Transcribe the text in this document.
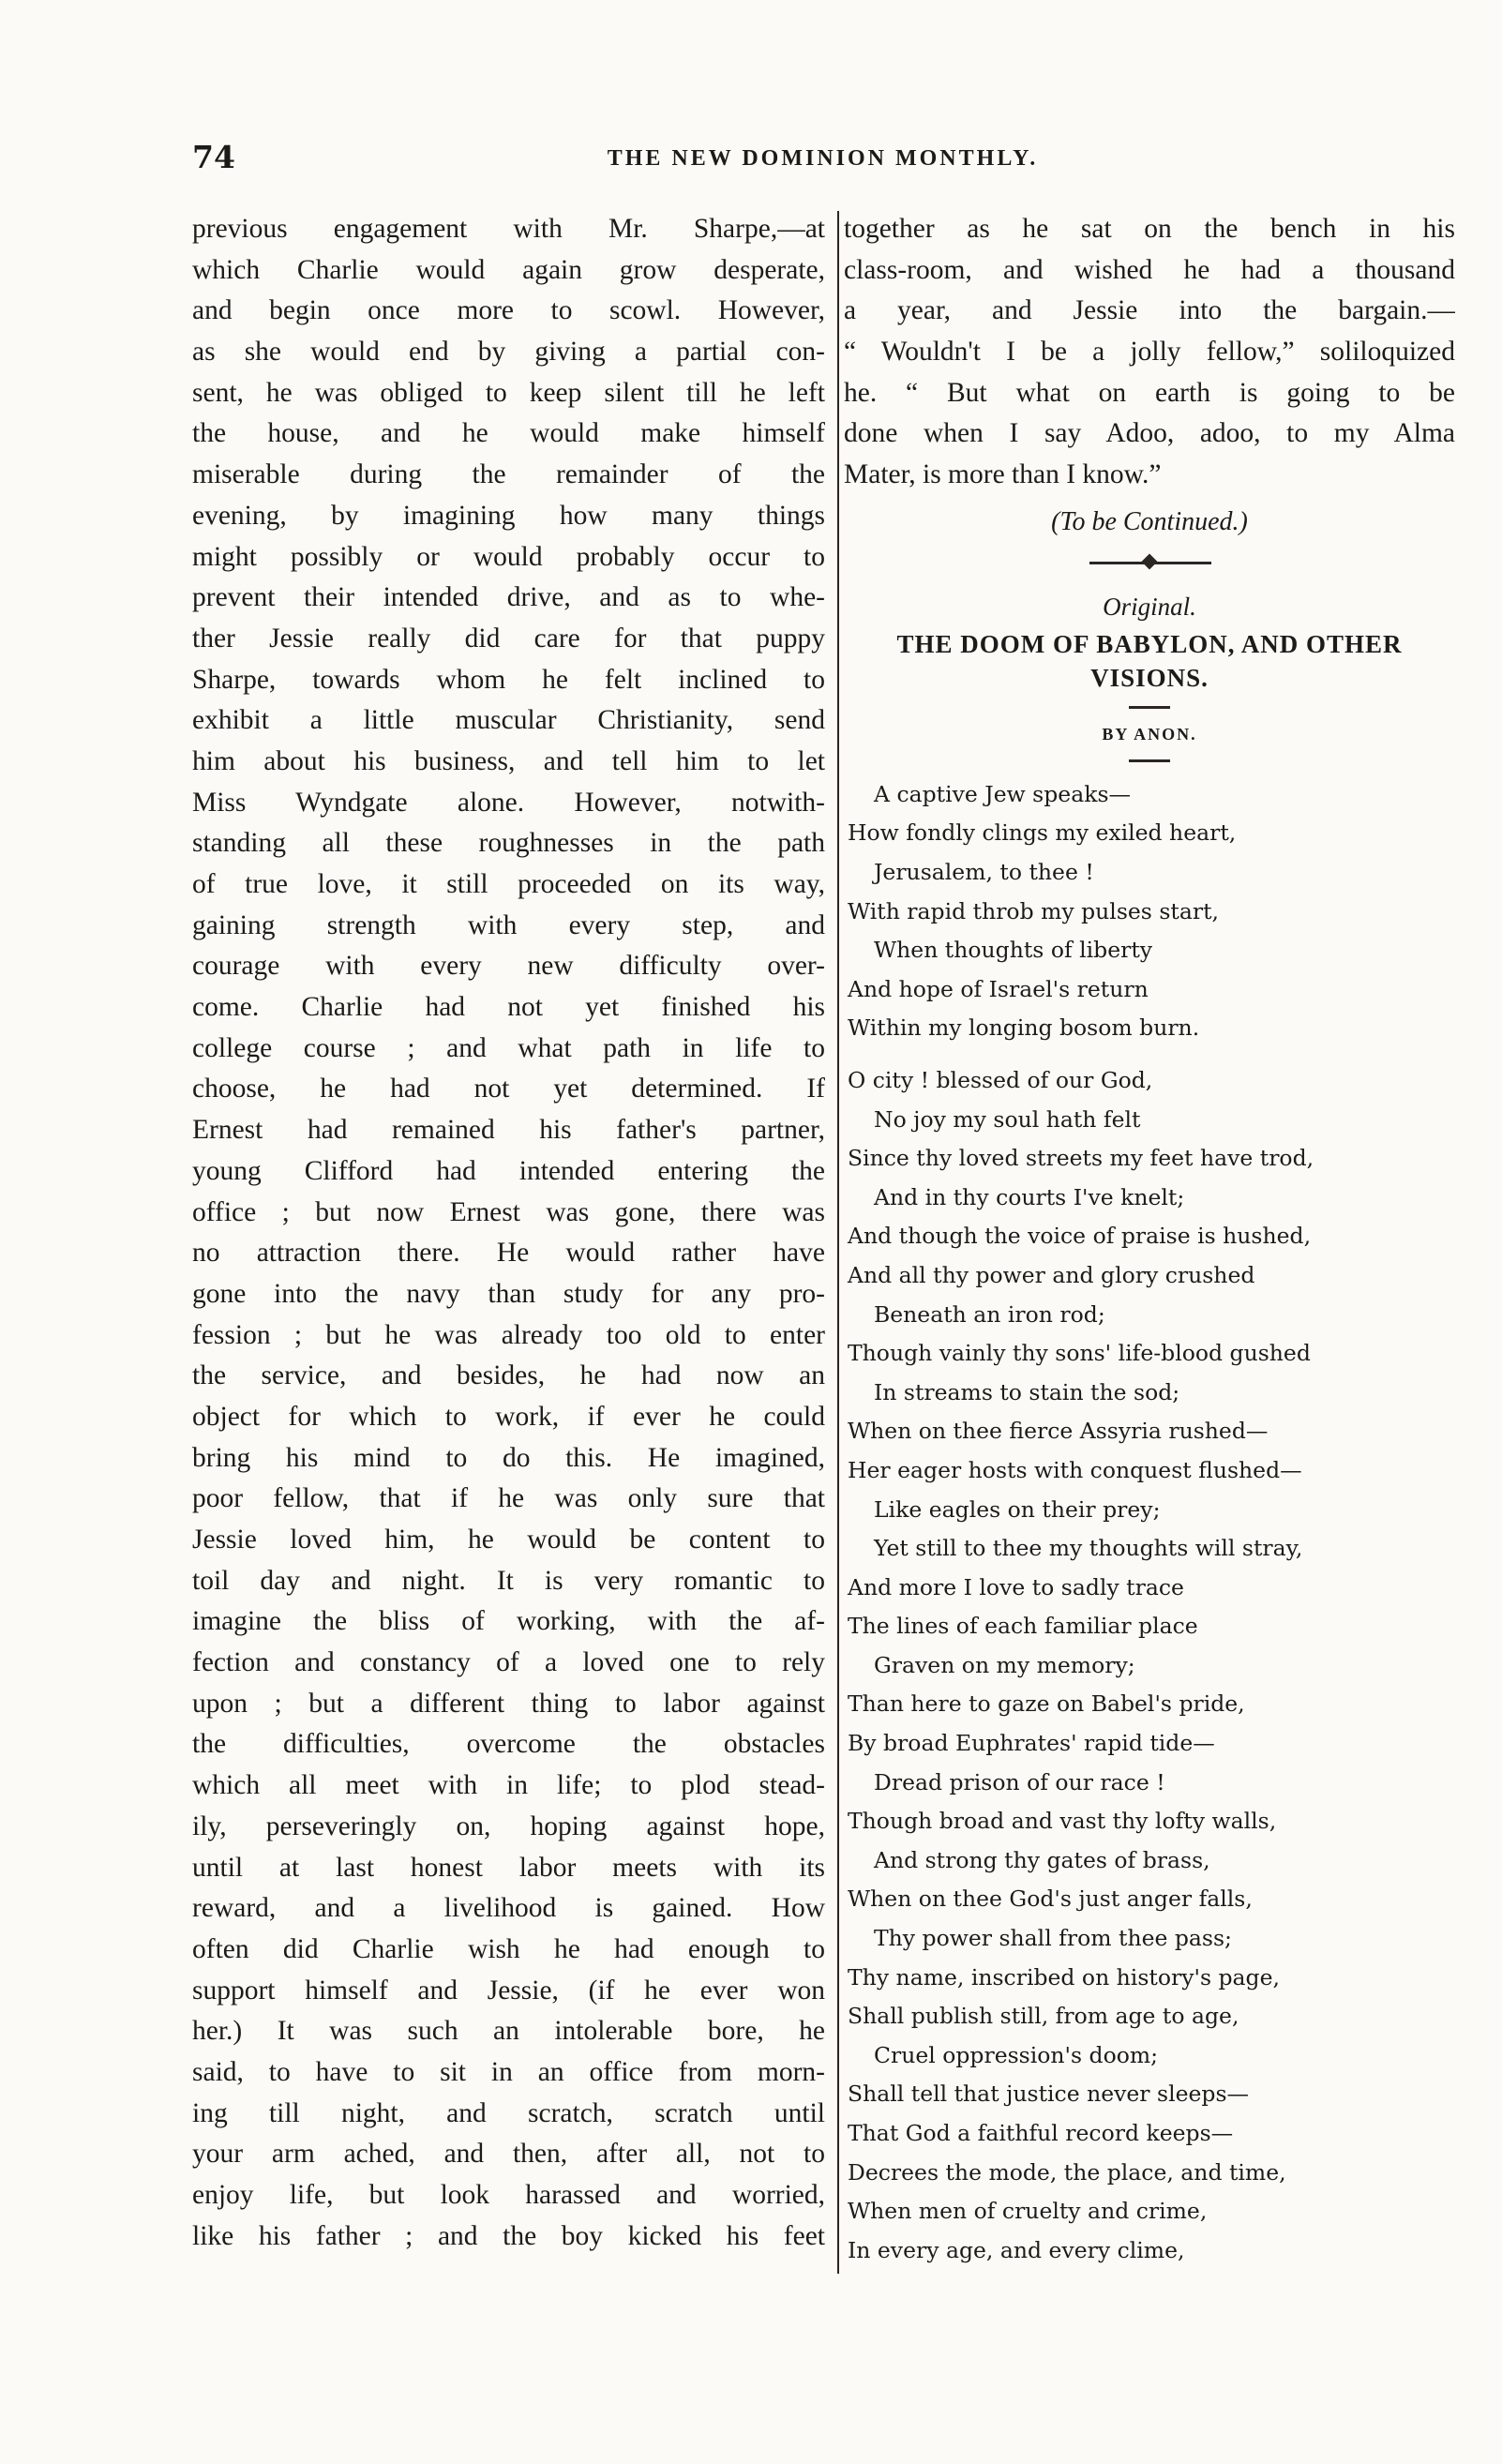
74	THE NEW DOMINION MONTHLY.
previous engagement with Mr. Sharpe,—at
which Charlie would again grow desperate,
and begin once more to scowl. However,
as she would end by giving a partial con-
sent, he was obliged to keep silent till he left
the house, and he would make himself
miserable during the remainder of the
evening, by imagining how many things
might possibly or would probably occur to
prevent their intended drive, and as to whe-
ther Jessie really did care for that puppy
Sharpe, towards whom he felt inclined to
exhibit a little muscular Christianity, send
him about his business, and tell him to let
Miss Wyndgate alone. However, notwith-
standing all these roughnesses in the path
of true love, it still proceeded on its way,
gaining strength with every step, and
courage with every new difficulty over-
come. Charlie had not yet finished his
college course ; and what path in life to
choose, he had not yet determined. If
Ernest had remained his father's partner,
young Clifford had intended entering the
office ; but now Ernest was gone, there was
no attraction there. He would rather have
gone into the navy than study for any pro-
fession ; but he was already too old to enter
the service, and besides, he had now an
object for which to work, if ever he could
bring his mind to do this. He imagined,
poor fellow, that if he was only sure that
Jessie loved him, he would be content to
toil day and night. It is very romantic to
imagine the bliss of working, with the af-
fection and constancy of a loved one to rely
upon ; but a different thing to labor against
the difficulties, overcome the obstacles
which all meet with in life; to plod stead-
ily, perseveringly on, hoping against hope,
until at last honest labor meets with its
reward, and a livelihood is gained. How
often did Charlie wish he had enough to
support himself and Jessie, (if he ever won
her.) It was such an intolerable bore, he
said, to have to sit in an office from morn-
ing till night, and scratch, scratch until
your arm ached, and then, after all, not to
enjoy life, but look harassed and worried,
like his father ; and the boy kicked his feet
together as he sat on the bench in his
class-room, and wished he had a thousand
a year, and Jessie into the bargain.—
“ Wouldn't I be a jolly fellow,” soliloquized
he. “ But what on earth is going to be
done when I say Adoo, adoo, to my Alma
Mater, is more than I know.”
(To be Continued.)
Original.
THE DOOM OF BABYLON, AND OTHER
VISIONS.
BY ANON.
A captive Jew speaks—
How fondly clings my exiled heart,
Jerusalem, to thee !
With rapid throb my pulses start,
When thoughts of liberty
And hope of Israel's return
Within my longing bosom burn.
O city ! blessed of our God,
No joy my soul hath felt
Since thy loved streets my feet have trod,
And in thy courts I've knelt;
And though the voice of praise is hushed,
And all thy power and glory crushed
Beneath an iron rod;
Though vainly thy sons' life-blood gushed
In streams to stain the sod;
When on thee fierce Assyria rushed—
Her eager hosts with conquest flushed—
Like eagles on their prey;
Yet still to thee my thoughts will stray,
And more I love to sadly trace
The lines of each familiar place
Graven on my memory;
Than here to gaze on Babel's pride,
By broad Euphrates' rapid tide—
Dread prison of our race !
Though broad and vast thy lofty walls,
And strong thy gates of brass,
When on thee God's just anger falls,
Thy power shall from thee pass;
Thy name, inscribed on history's page,
Shall publish still, from age to age,
Cruel oppression's doom;
Shall tell that justice never sleeps—
That God a faithful record keeps—
Decrees the mode, the place, and time,
When men of cruelty and crime,
In every age, and every clime,
